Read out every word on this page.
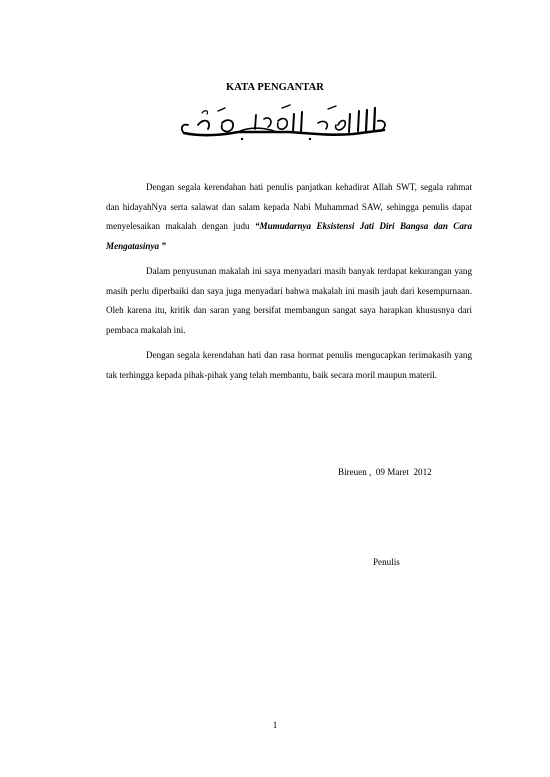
KATA PENGANTAR

Dengan segala kerendahan hati penulis panjatkan kehadirat Allah SWT, segala rahmat dan hidayahNya serta salawat dan salam kepada Nabi Muhammad SAW, sehingga penulis dapat menyelesaikan makalah dengan judu “Mumudarnya Eksistensi Jati Diri Bangsa dan Cara Mengatasinya ”

Dalam penyusunan makalah ini saya menyadari masih banyak terdapat kekurangan yang masih perlu diperbaiki dan saya juga menyadari bahwa makalah ini masih jauh dari kesempurnaan. Oleh karena itu, kritik dan saran yang bersifat membangun sangat saya harapkan khususnya dari pembaca makalah ini.

Dengan segala kerendahan hati dan rasa hormat penulis mengucapkan terimakasih yang tak terhingga kepada pihak-pihak yang telah membantu, baik secara moril maupun materil.

Bireuen ,  09 Maret  2012
Penulis
1
